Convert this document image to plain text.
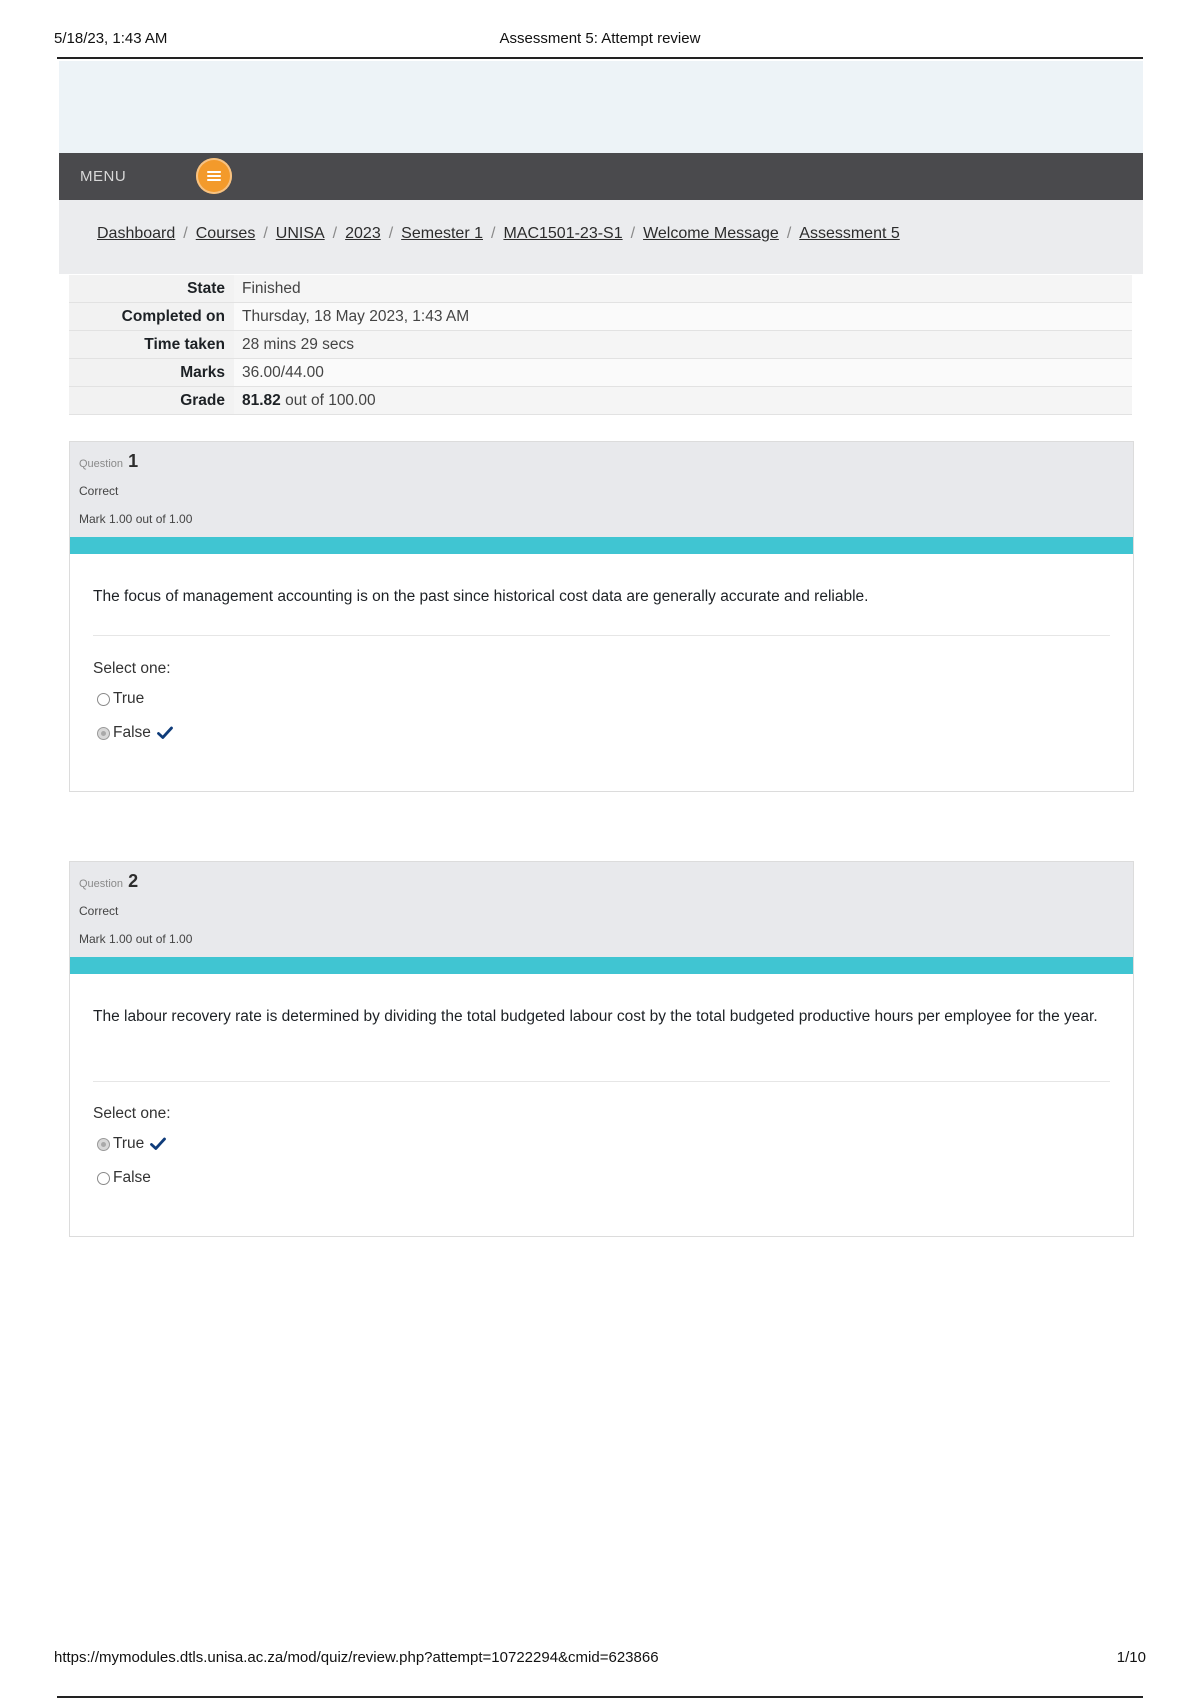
5/18/23, 1:43 AM	Assessment 5: Attempt review
MENU
Dashboard / Courses / UNISA / 2023 / Semester 1 / MAC1501-23-S1 / Welcome Message / Assessment 5
State	Finished
Completed on	Thursday, 18 May 2023, 1:43 AM
Time taken	28 mins 29 secs
Marks	36.00/44.00
Grade	81.82 out of 100.00
Question 1
Correct
Mark 1.00 out of 1.00
The focus of management accounting is on the past since historical cost data are generally accurate and reliable.
Select one:
True
False
Question 2
Correct
Mark 1.00 out of 1.00
The labour recovery rate is determined by dividing the total budgeted labour cost by the total budgeted productive hours per employee for the year.
Select one:
True
False
https://mymodules.dtls.unisa.ac.za/mod/quiz/review.php?attempt=10722294&cmid=623866	1/10
